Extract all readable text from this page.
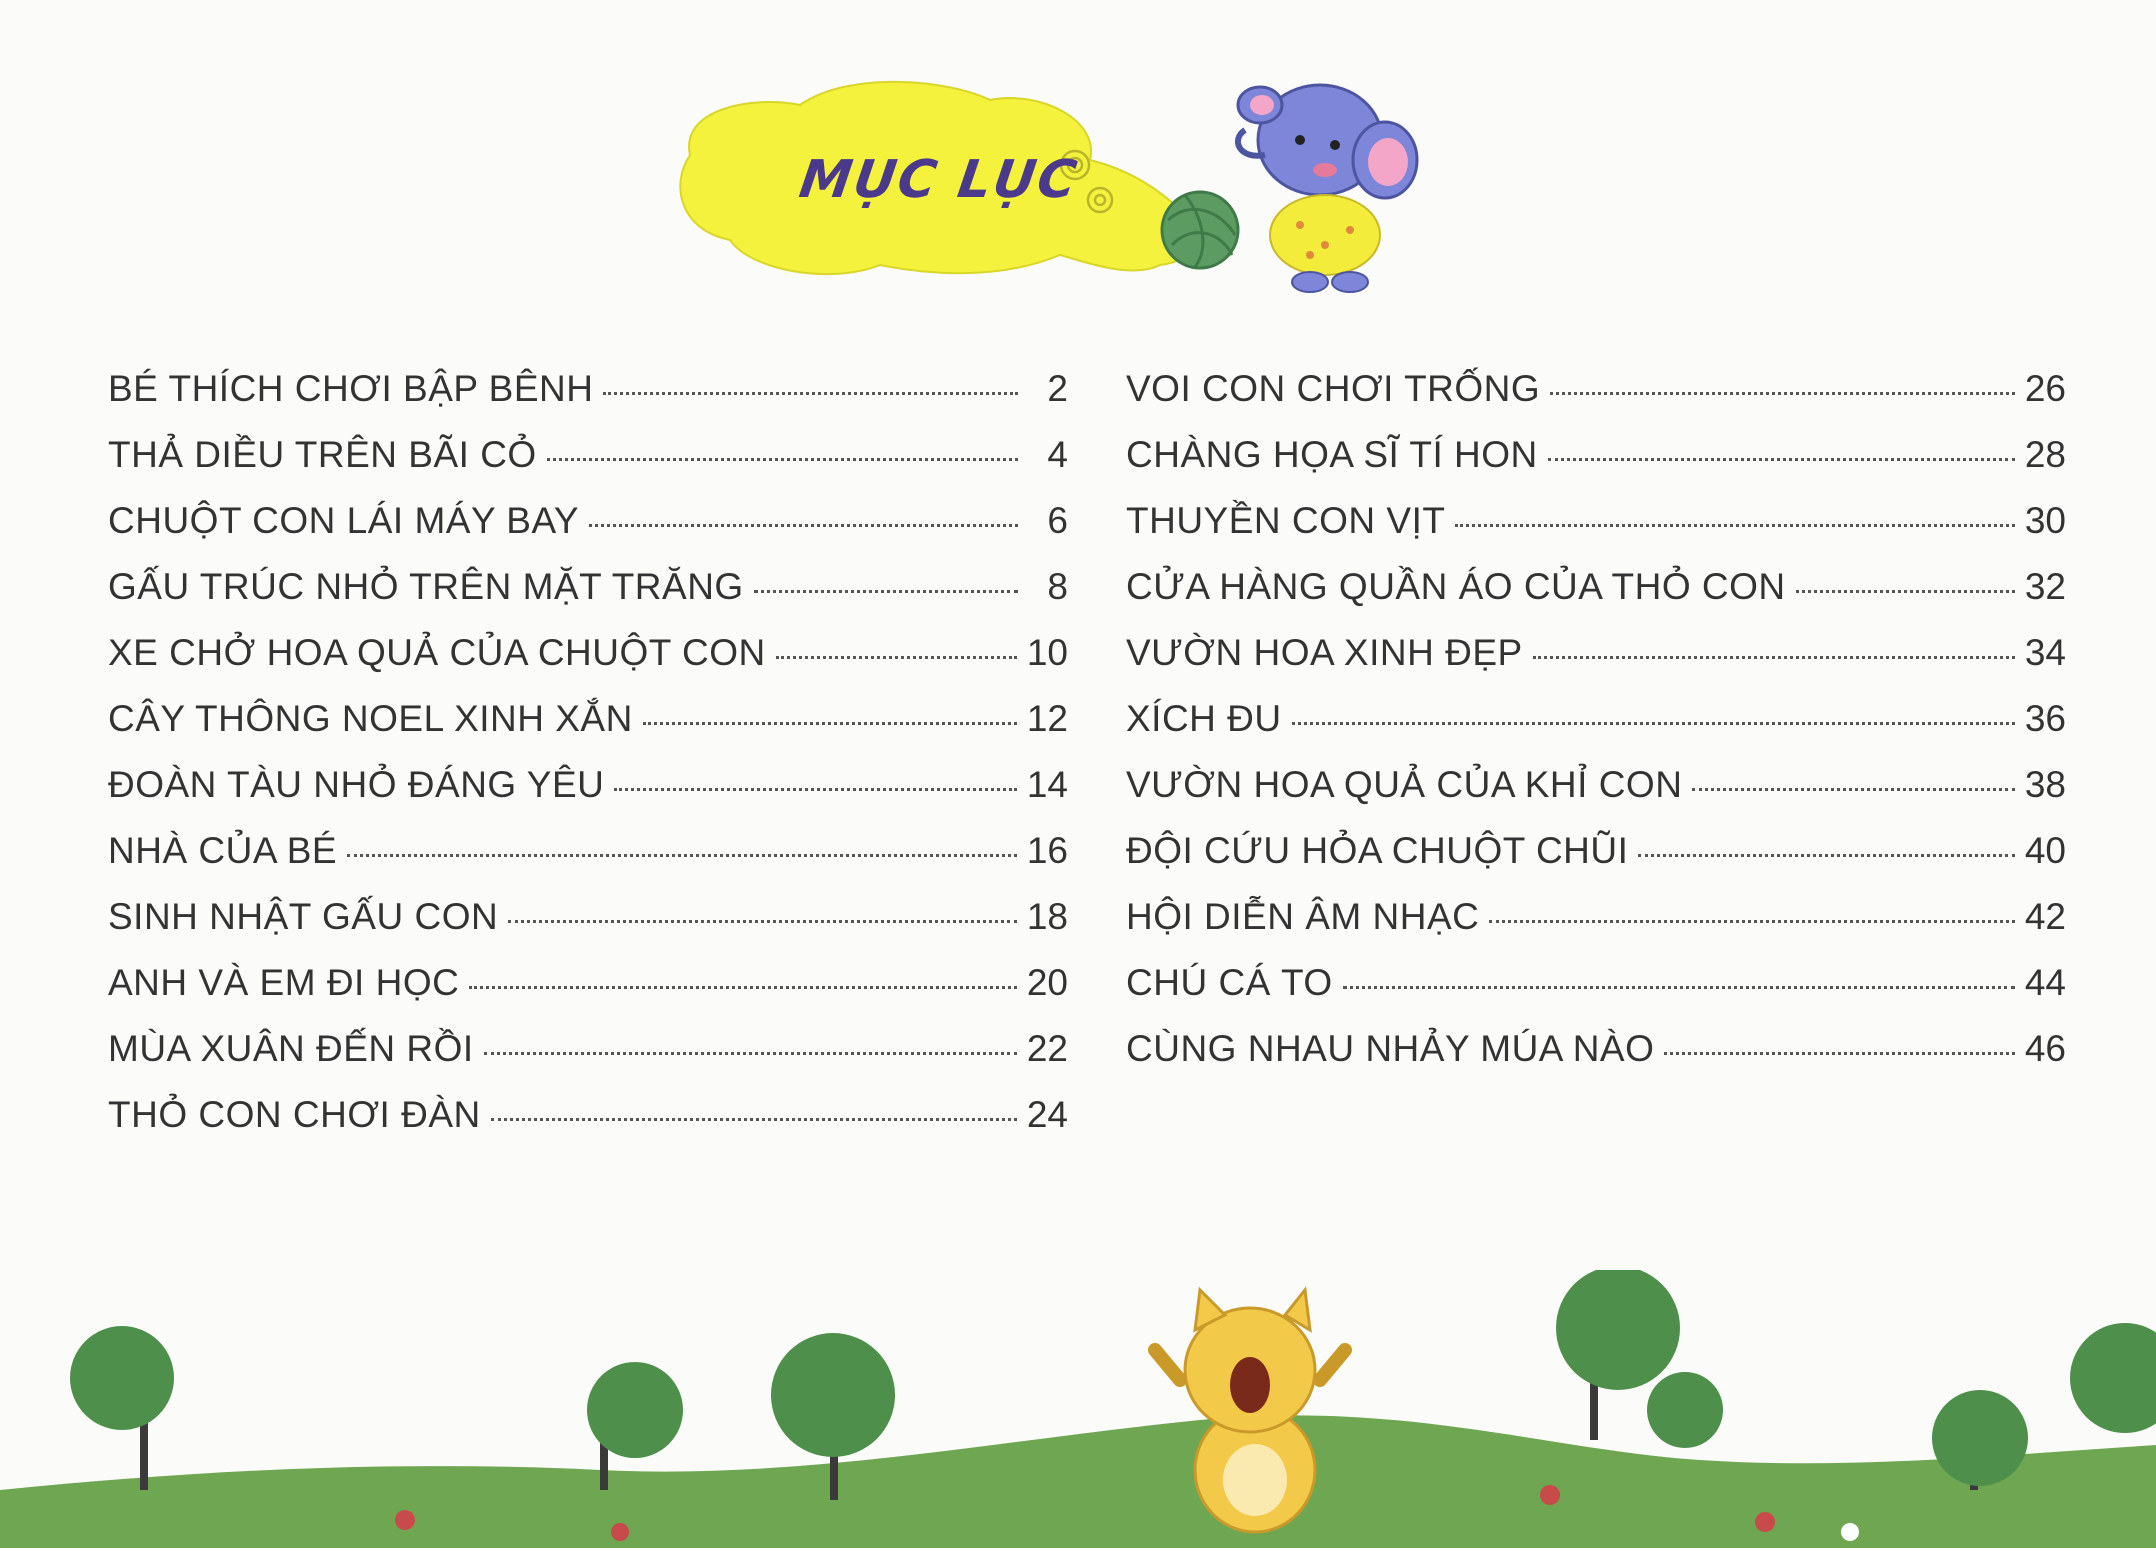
MỤC LỤC
BÉ THÍCH CHƠI BẬP BÊNH	2
THẢ DIỀU TRÊN BÃI CỎ	4
CHUỘT CON LÁI MÁY BAY	6
GẤU TRÚC NHỎ TRÊN MẶT TRĂNG	8
XE CHỞ HOA QUẢ CỦA CHUỘT CON	10
CÂY THÔNG NOEL XINH XẮN	12
ĐOÀN TÀU NHỎ ĐÁNG YÊU	14
NHÀ CỦA BÉ	16
SINH NHẬT GẤU CON	18
ANH VÀ EM ĐI HỌC	20
MÙA XUÂN ĐẾN RỒI	22
THỎ CON CHƠI ĐÀN	24
VOI CON CHƠI TRỐNG	26
CHÀNG HỌA SĨ TÍ HON	28
THUYỀN CON VỊT	30
CỬA HÀNG QUẦN ÁO CỦA THỎ CON	32
VƯỜN HOA XINH ĐẸP	34
XÍCH ĐU	36
VƯỜN HOA QUẢ CỦA KHỈ CON	38
ĐỘI CỨU HỎA CHUỘT CHŨI	40
HỘI DIỄN ÂM NHẠC	42
CHÚ CÁ TO	44
CÙNG NHAU NHẢY MÚA NÀO	46
